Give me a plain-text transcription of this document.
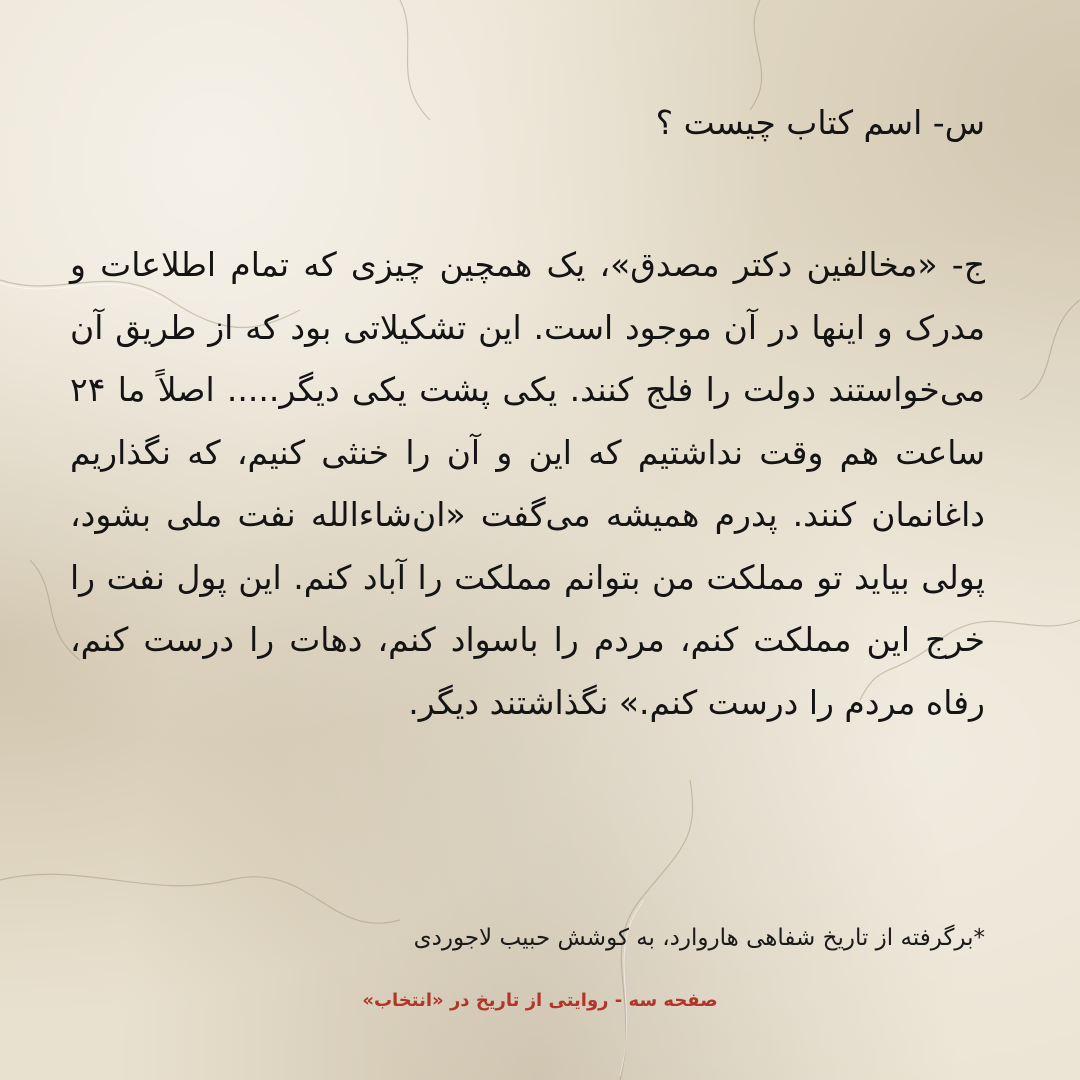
س- اسم کتاب چیست ؟

ج- «مخالفین دکتر مصدق»، یک همچین چیزی که تمام اطلاعات و مدرک و اینها در آن موجود است. این تشکیلاتی بود که از طریق آن می‌خواستند دولت را فلج کنند. یکی پشت یکی دیگر..... اصلاً ما ۲۴ ساعت هم وقت نداشتیم که این و آن را خنثی کنیم، که نگذاریم داغانمان کنند. پدرم همیشه می‌گفت «ان‌شاءالله نفت ملی بشود، پولی بیاید تو مملکت من بتوانم مملکت را آباد کنم. این پول نفت را خرج این مملکت کنم، مردم را باسواد کنم، دهات را درست کنم، رفاه مردم را درست کنم.» نگذاشتند دیگر.

*برگرفته از تاریخ شفاهی هاروارد، به کوشش حبیب لاجوردی
صفحه سه - روایتی از تاریخ در «انتخاب»
